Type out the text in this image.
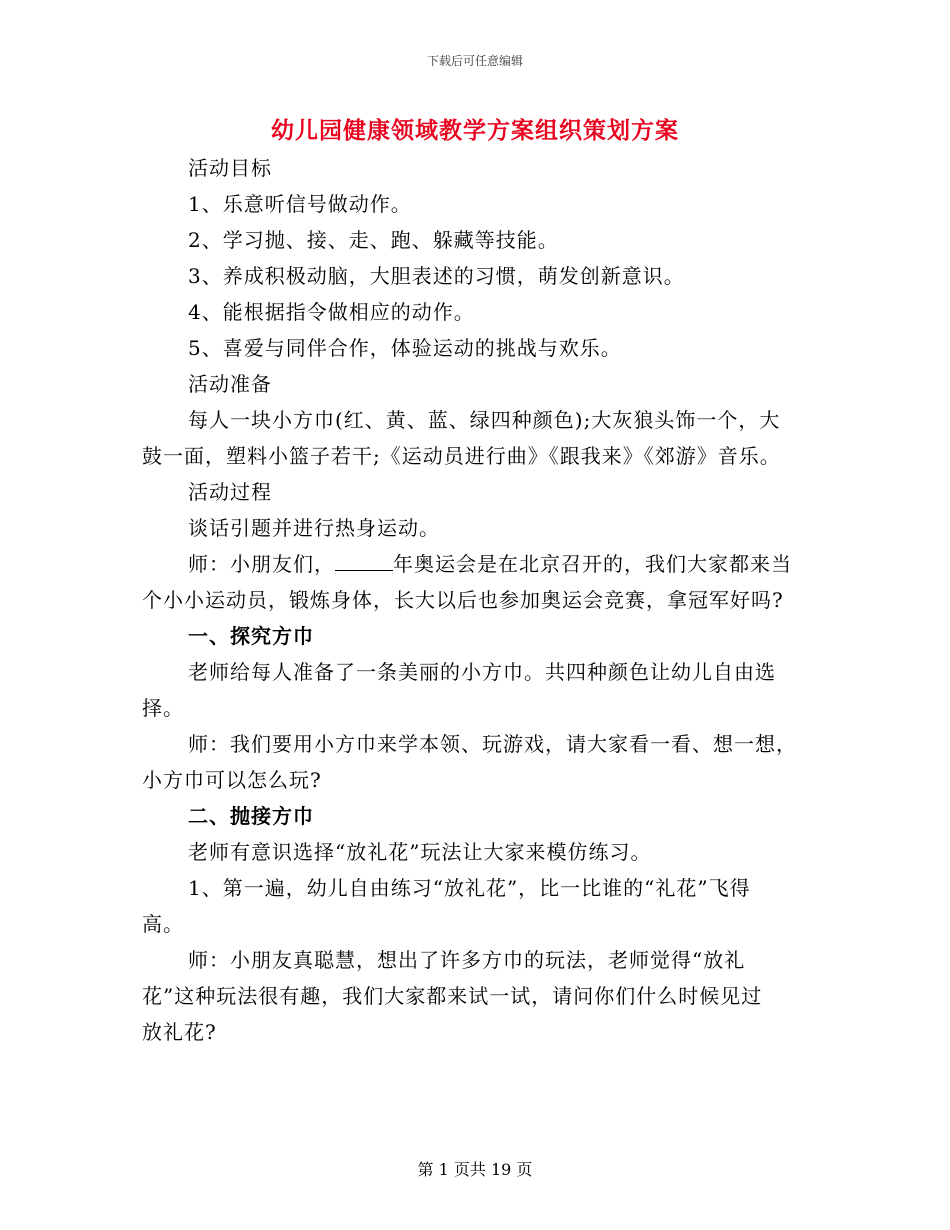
下载后可任意编辑
幼儿园健康领域教学方案组织策划方案

活动目标

1、乐意听信号做动作。

2、学习抛、接、走、跑、躲藏等技能。

3、养成积极动脑，大胆表述的习惯，萌发创新意识。

4、能根据指令做相应的动作。

5、喜爱与同伴合作，体验运动的挑战与欢乐。

活动准备

每人一块小方巾(红、黄、蓝、绿四种颜色);大灰狼头饰一个，大

鼓一面，塑料小篮子若干;《运动员进行曲》《跟我来》《郊游》音乐。

活动过程

谈话引题并进行热身运动。

师：小朋友们，	年奥运会是在北京召开的，我们大家都来当

个小小运动员，锻炼身体，长大以后也参加奥运会竞赛，拿冠军好吗?

一、探究方巾

老师给每人准备了一条美丽的小方巾。共四种颜色让幼儿自由选

择。

师：我们要用小方巾来学本领、玩游戏，请大家看一看、想一想，

小方巾可以怎么玩?

二、抛接方巾

老师有意识选择“放礼花”玩法让大家来模仿练习。

1、第一遍，幼儿自由练习“放礼花”，比一比谁的“礼花”飞得

高。

师：小朋友真聪慧，想出了许多方巾的玩法，老师觉得“放礼

花”这种玩法很有趣，我们大家都来试一试，请问你们什么时候见过

放礼花?

第 1 页共 19 页
